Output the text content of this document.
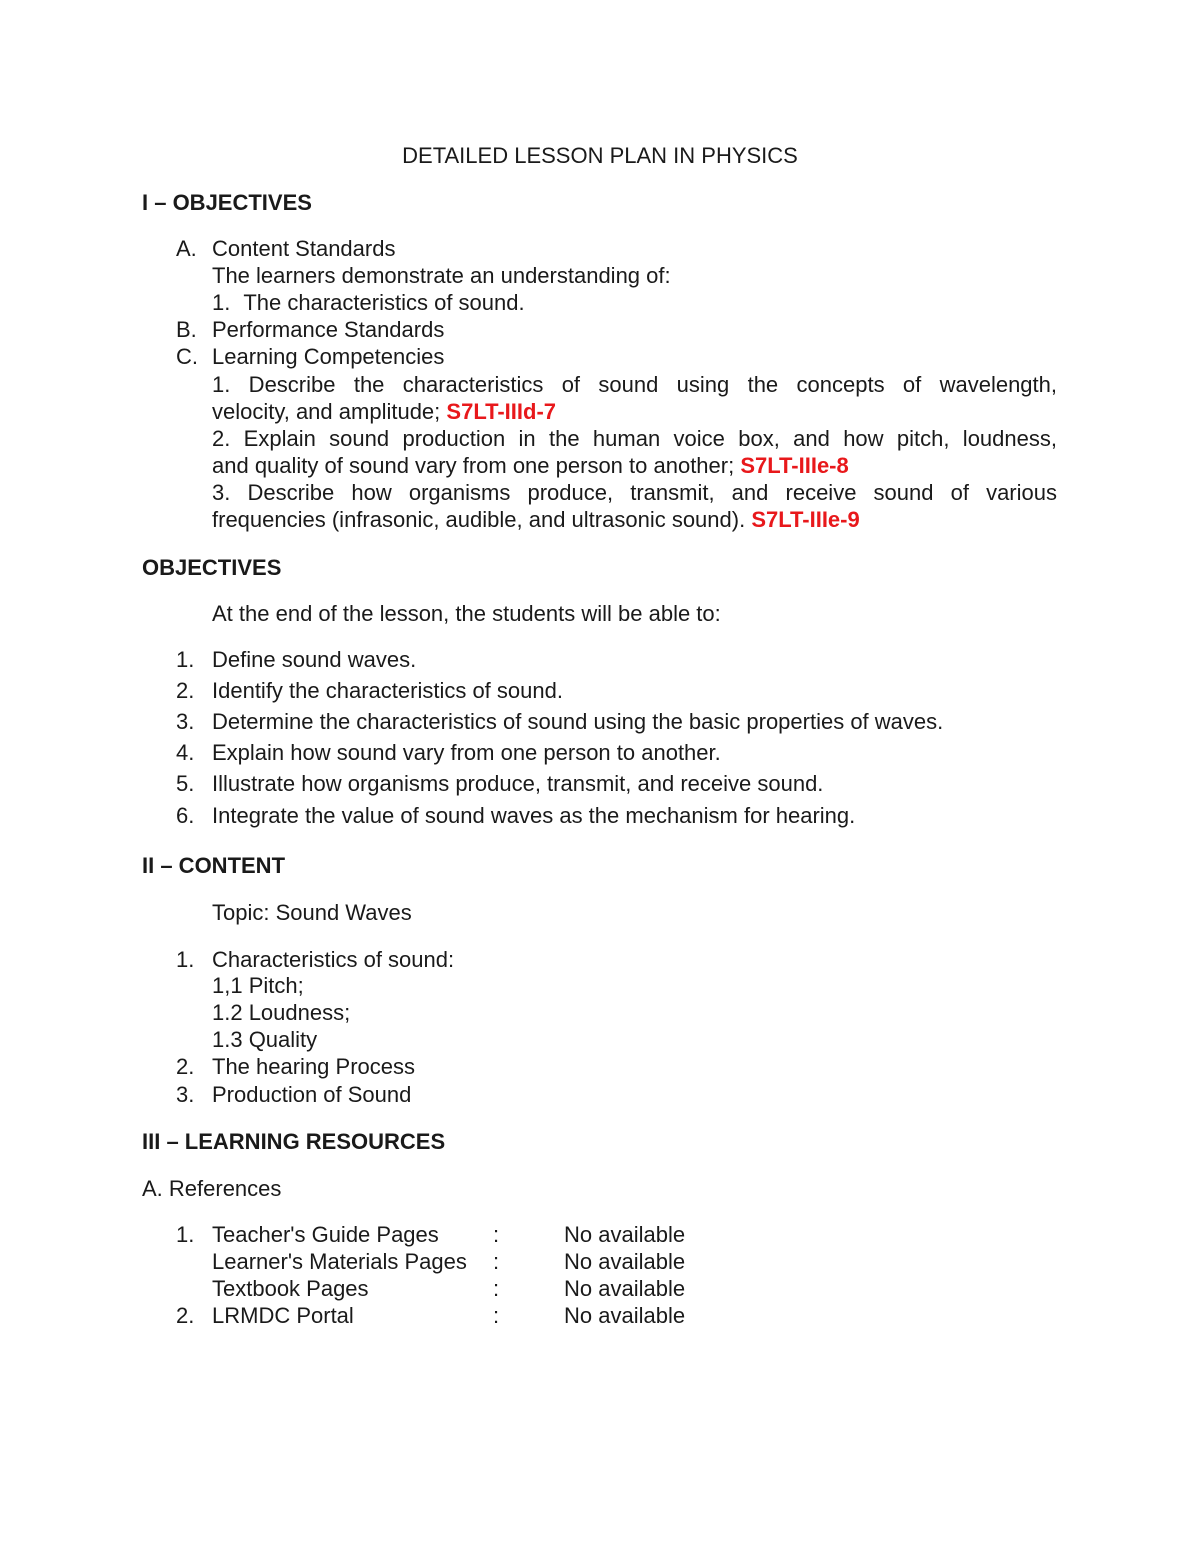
DETAILED LESSON PLAN IN PHYSICS
I – OBJECTIVES
A. Content Standards
The learners demonstrate an understanding of:
1. The characteristics of sound.
B. Performance Standards
C. Learning Competencies
1. Describe the characteristics of sound using the concepts of wavelength,
velocity, and amplitude; S7LT-IIId-7
2. Explain sound production in the human voice box, and how pitch, loudness,
and quality of sound vary from one person to another; S7LT-IIIe-8
3. Describe how organisms produce, transmit, and receive sound of various
frequencies (infrasonic, audible, and ultrasonic sound). S7LT-IIIe-9
OBJECTIVES
At the end of the lesson, the students will be able to:
1. Define sound waves.
2. Identify the characteristics of sound.
3. Determine the characteristics of sound using the basic properties of waves.
4. Explain how sound vary from one person to another.
5. Illustrate how organisms produce, transmit, and receive sound.
6. Integrate the value of sound waves as the mechanism for hearing.
II – CONTENT
Topic: Sound Waves
1. Characteristics of sound:
1,1 Pitch;
1.2 Loudness;
1.3 Quality
2. The hearing Process
3. Production of Sound
III – LEARNING RESOURCES
A. References
1. Teacher's Guide Pages :	No available
Learner's Materials Pages :	No available
Textbook Pages	:	No available
2. LRMDC Portal	:	No available
